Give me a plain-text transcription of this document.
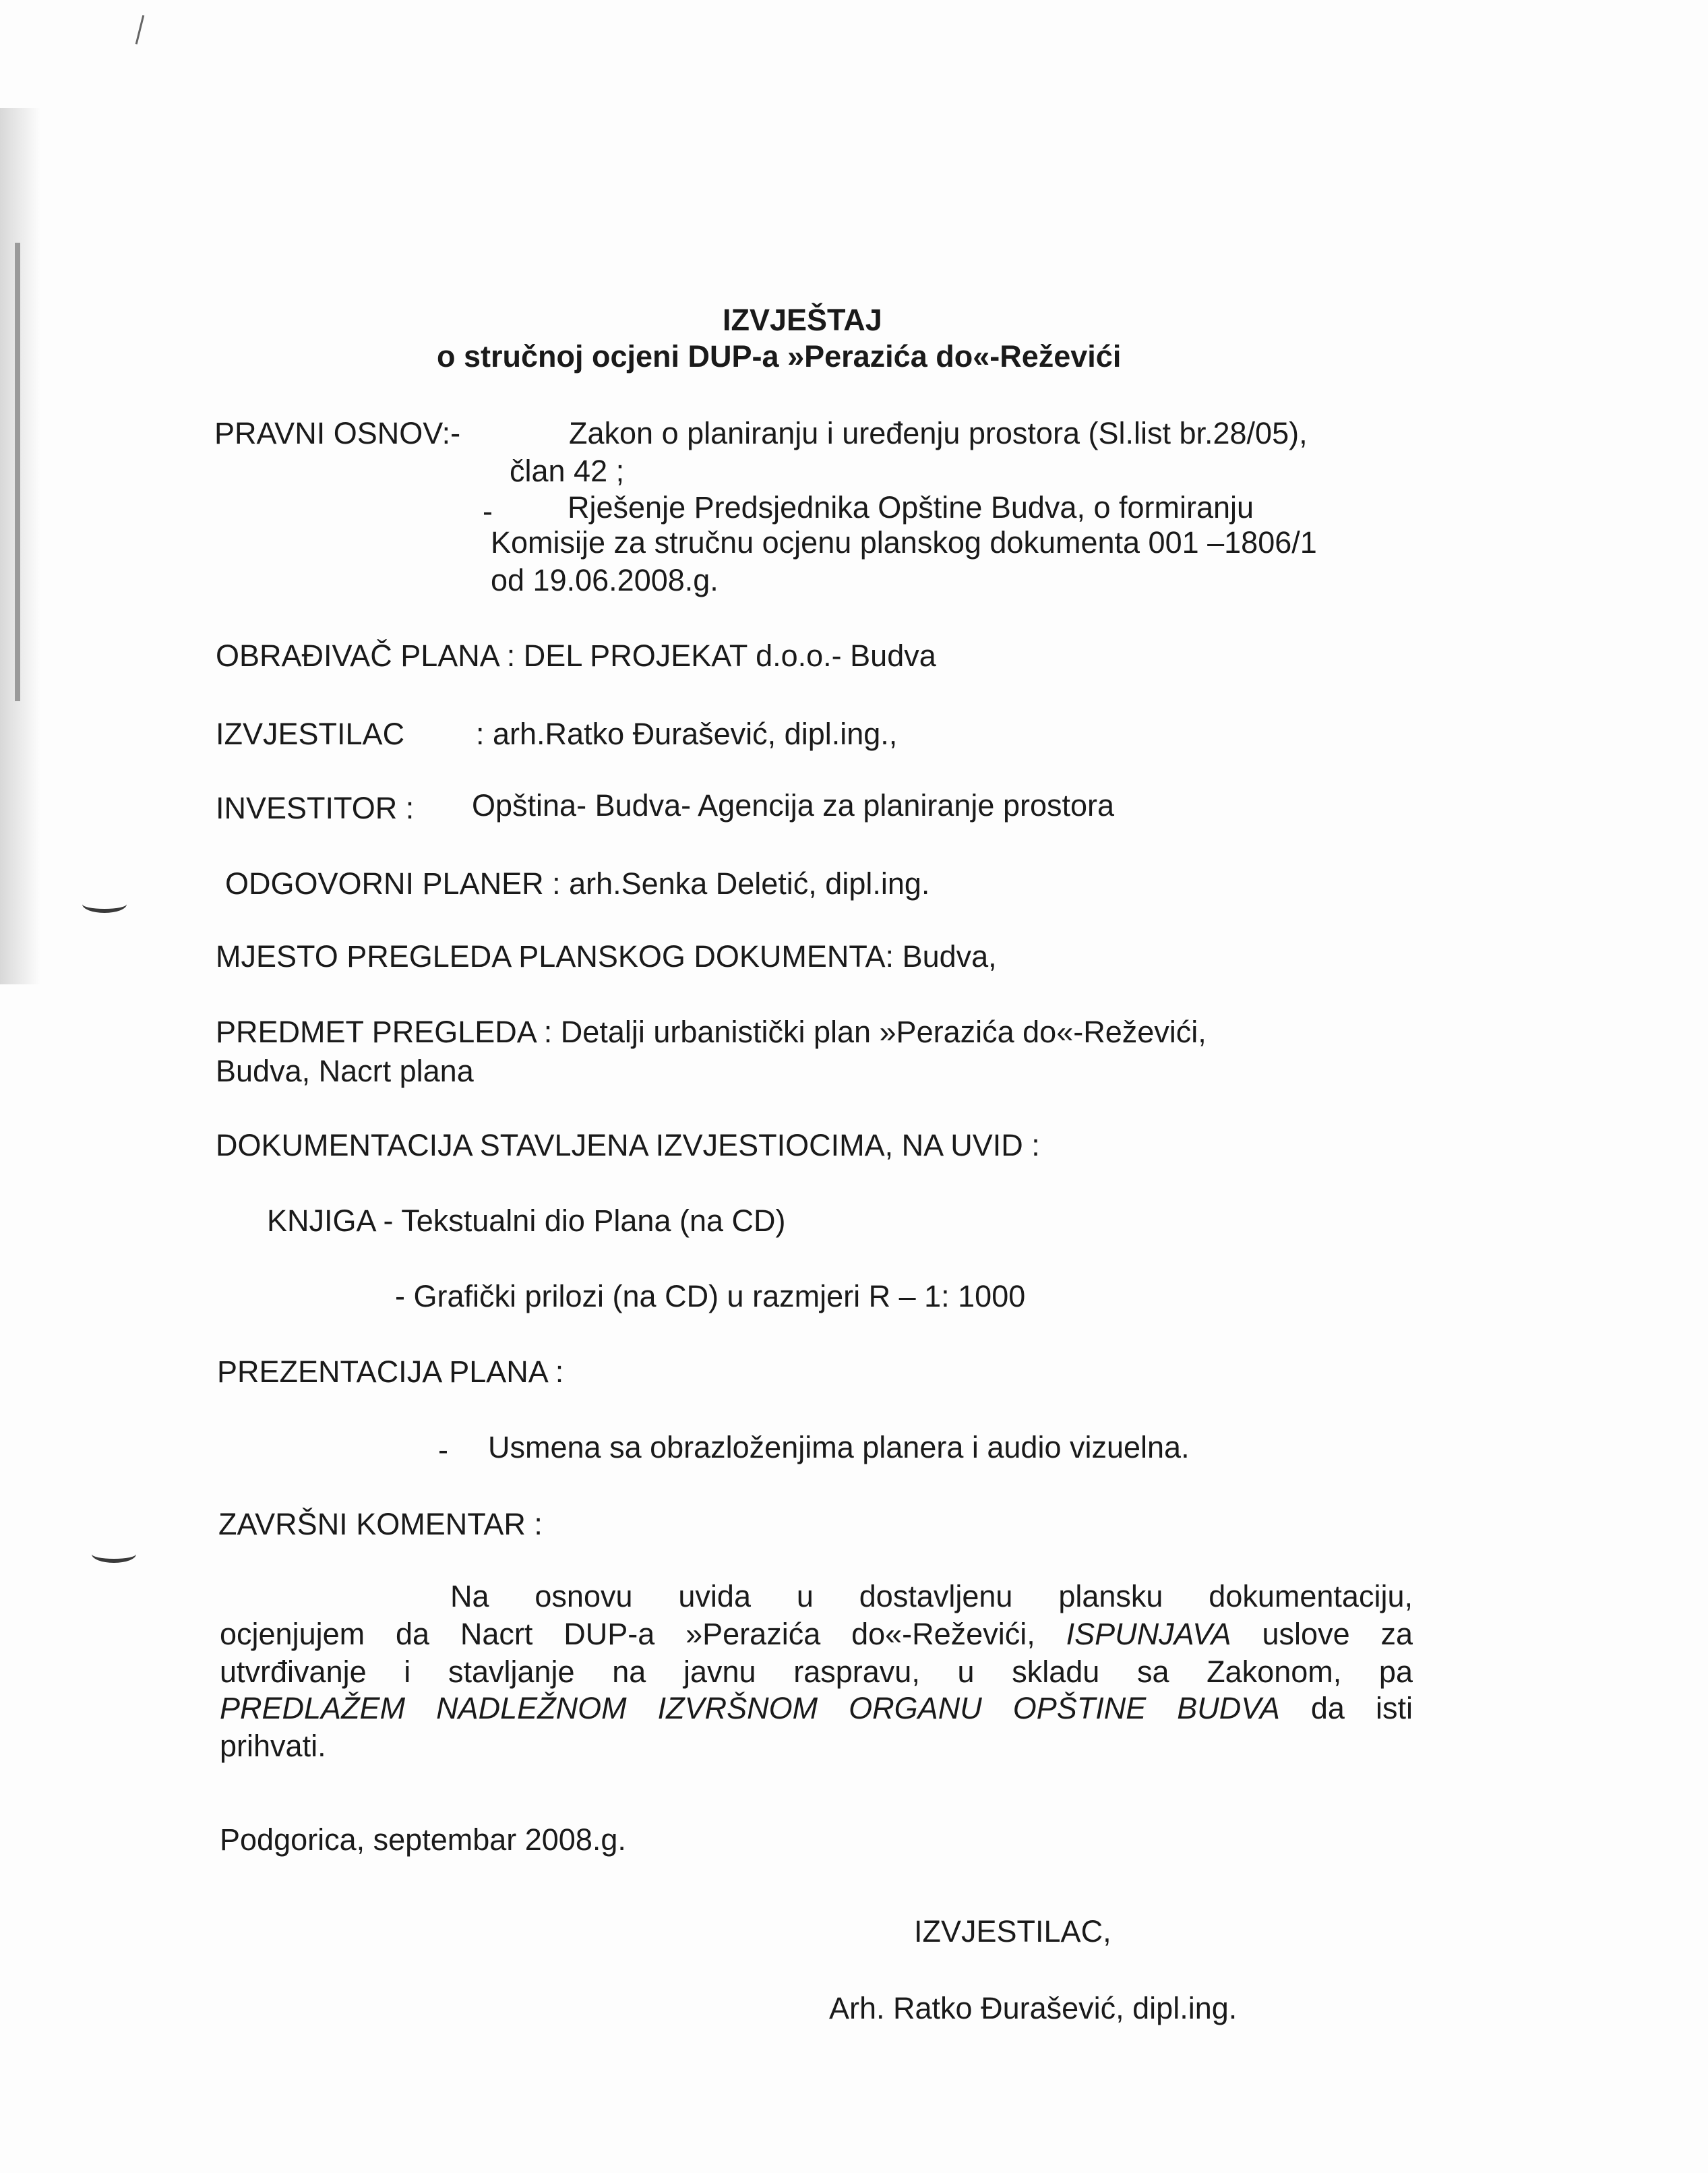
IZVJEŠTAJ
o stručnoj ocjeni DUP-a »Perazića do«-Reževići
PRAVNI OSNOV:-	Zakon o planiranju i uređenju prostora (Sl.list br.28/05),
član 42 ;
- Rješenje Predsjednika Opštine Budva, o formiranju
Komisije za stručnu ocjenu planskog dokumenta 001 –1806/1
od 19.06.2008.g.
OBRAĐIVAČ PLANA : DEL PROJEKAT d.o.o.- Budva
IZVJESTILAC : arh.Ratko Đurašević, dipl.ing.,
INVESTITOR : Opština- Budva- Agencija za planiranje prostora
ODGOVORNI PLANER : arh.Senka Deletić, dipl.ing.
MJESTO PREGLEDA PLANSKOG DOKUMENTA: Budva,
PREDMET PREGLEDA : Detalji urbanistički plan »Perazića do«-Reževići,
Budva, Nacrt plana
DOKUMENTACIJA STAVLJENA IZVJESTIOCIMA, NA UVID :
KNJIGA - Tekstualni dio Plana (na CD)
- Grafički prilozi (na CD) u razmjeri R – 1: 1000
PREZENTACIJA PLANA :
- Usmena sa obrazloženjima planera i audio vizuelna.
ZAVRŠNI KOMENTAR :
Na osnovu uvida u dostavljenu plansku dokumentaciju,
ocjenjujem da Nacrt DUP-a »Perazića do«-Reževići, ISPUNJAVA uslove za
utvrđivanje i stavljanje na javnu raspravu, u skladu sa Zakonom, pa
PREDLAŽEM NADLEŽNOM IZVRŠNOM ORGANU OPŠTINE BUDVA da isti
prihvati.
Podgorica, septembar 2008.g.
IZVJESTILAC,
Arh. Ratko Đurašević, dipl.ing.
